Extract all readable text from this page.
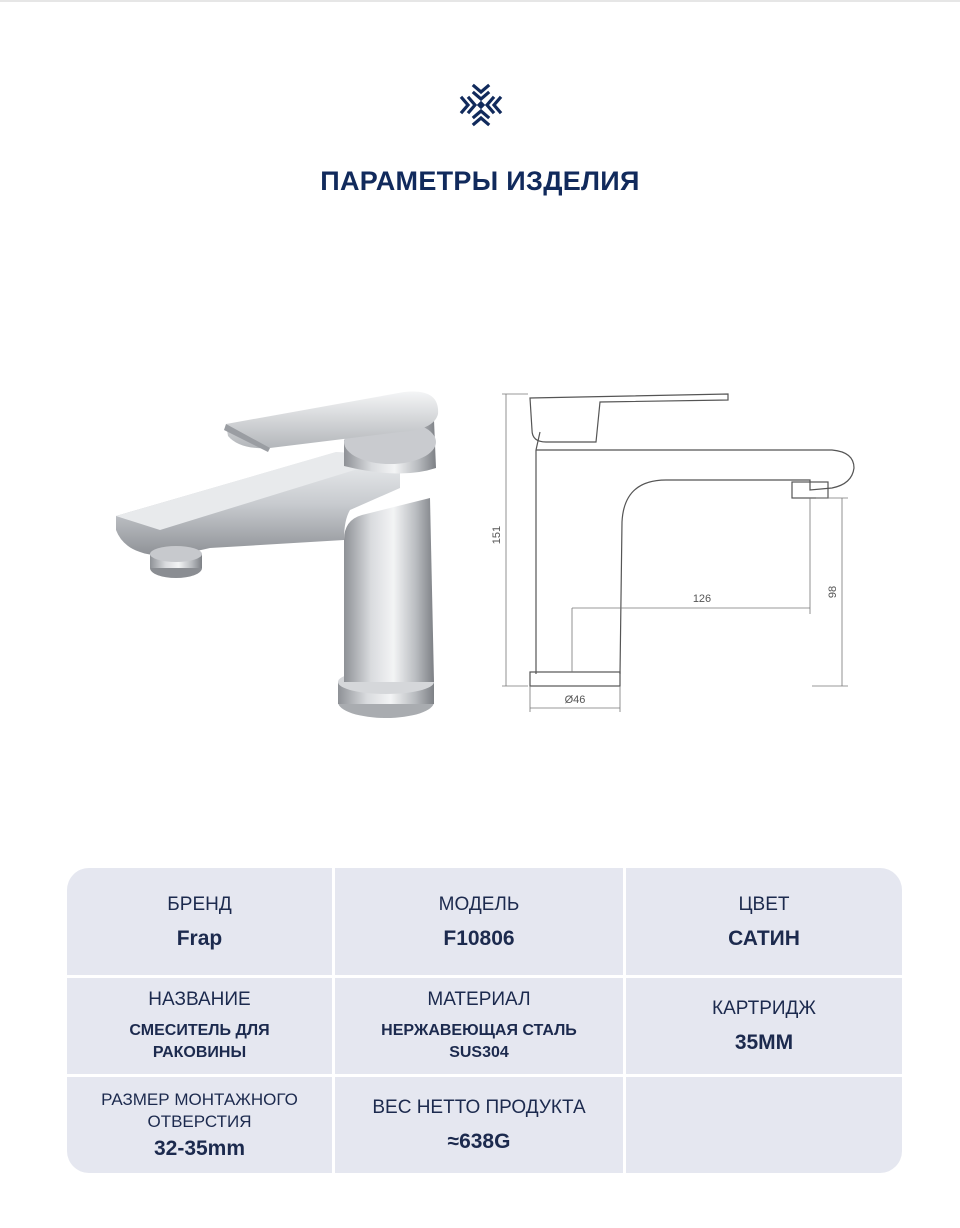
ПАРАМЕТРЫ ИЗДЕЛИЯ
151
126
98
Ø46
БРЕНД
Frap
МОДЕЛЬ
F10806
ЦВЕТ
САТИН
НАЗВАНИЕ
СМЕСИТЕЛЬ ДЛЯ РАКОВИНЫ
МАТЕРИАЛ
НЕРЖАВЕЮЩАЯ СТАЛЬ SUS304
КАРТРИДЖ
35MM
РАЗМЕР МОНТАЖНОГО ОТВЕРСТИЯ
32-35mm
ВЕС НЕТТО ПРОДУКТА
≈638G
